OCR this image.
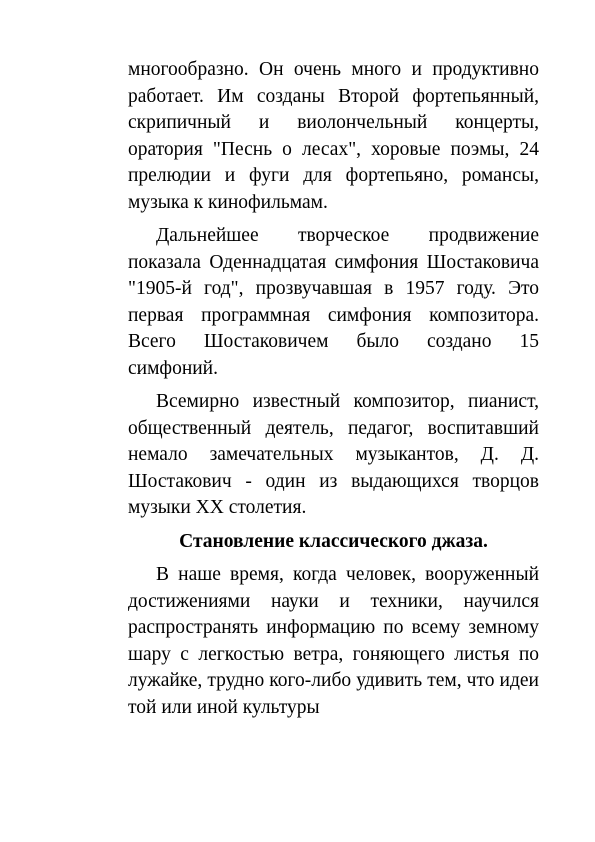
многообразно. Он очень много и продуктивно работает. Им созданы Второй фортепьянный, скрипичный и виолончельный концерты, оратория "Песнь о лесах", хоровые поэмы, 24 прелюдии и фуги для фортепьяно, романсы, музыка к кинофильмам.

Дальнейшее творческое продвижение показала Оденнадцатая симфония Шостаковича "1905-й год", прозвучавшая в 1957 году. Это первая программная симфония композитора. Всего Шостаковичем было создано 15 симфоний.

Всемирно известный композитор, пианист, общественный деятель, педагог, воспитавший немало замечательных музыкантов, Д. Д. Шостакович - один из выдающихся творцов музыки XX столетия.

Становление классического джаза.

В наше время, когда человек, вооруженный достижениями науки и техники, научился распространять информацию по всему земному шару с легкостью ветра, гоняющего листья по лужайке, трудно кого-либо удивить тем, что идеи той или иной культуры
